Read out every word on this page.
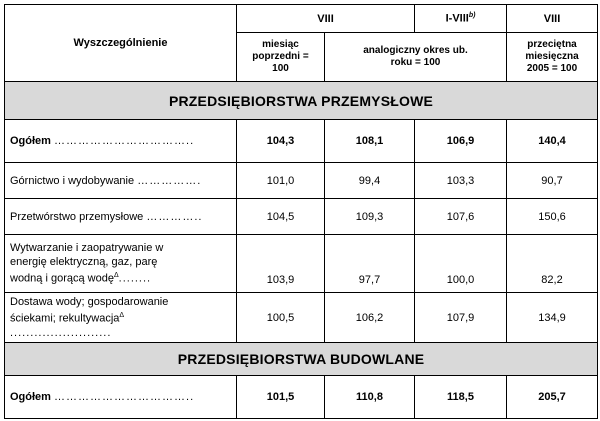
Wyszczególnienie	VIII		I-VIII$^{b)}$	VIII
	miesiąc poprzedni = 100	analogiczny okres ub. roku = 100		przeciętna miesięczna 2005 = 100
PRZEDSIĘBIORSTWA PRZEMYSŁOWE				
Ogółem ……………………………..	104,3	108,1	106,9	140,4
Górnictwo i wydobywanie …………….	101,0	99,4	103,3	90,7
Przetwórstwo przemysłowe …………..	104,5	109,3	107,6	150,6
Wytwarzanie i zaopatrywanie w energię elektryczną, gaz, parę wodną i gorącą wodę$^\Delta$........	103,9	97,7	100,0	82,2
Dostawa wody; gospodarowanie ściekami; rekultywacja$^\Delta$ .........................	100,5	106,2	107,9	134,9
PRZEDSIĘBIORSTWA BUDOWLANE				
Ogółem ……………………………..	101,5	110,8	118,5	205,7
